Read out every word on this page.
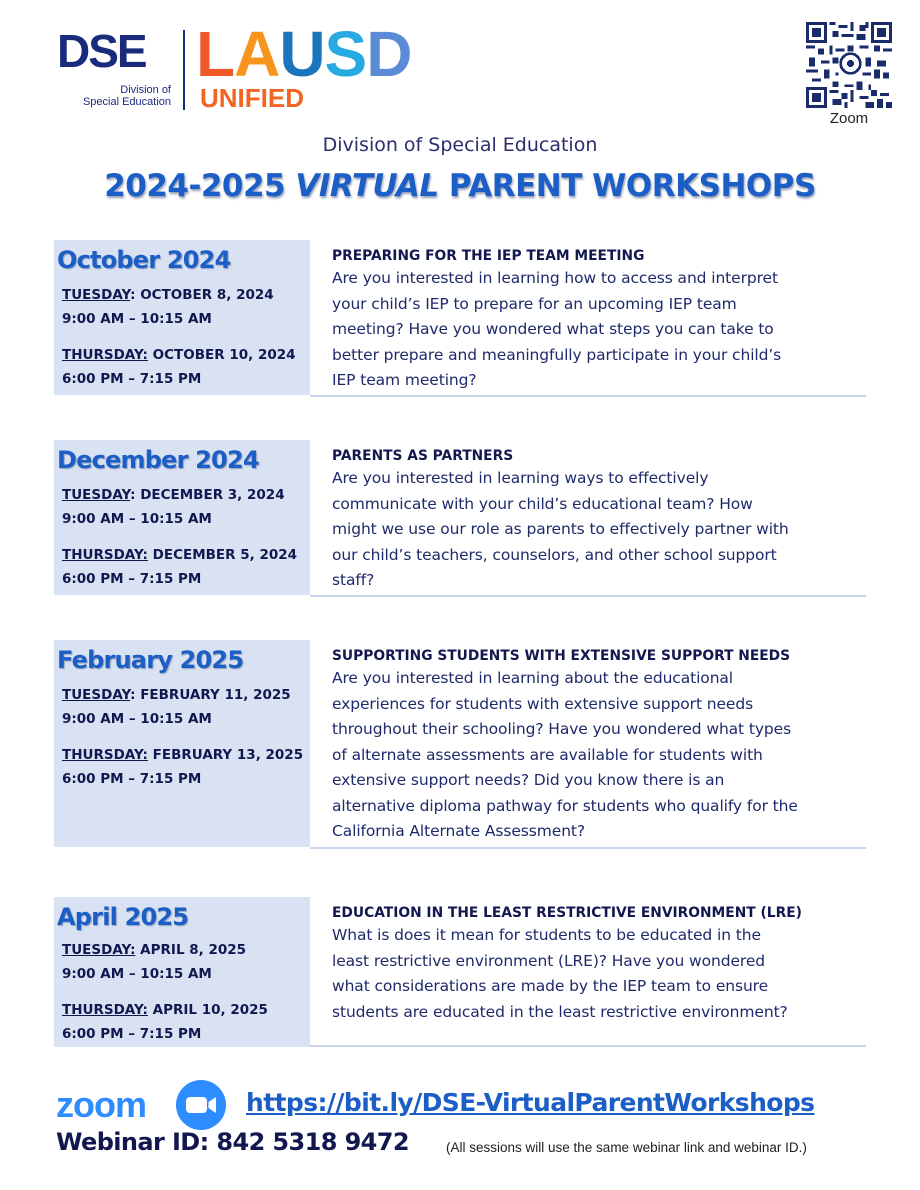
DSE
Division of
Special Education
LAUSD
UNIFIED
Zoom
Division of Special Education
2024-2025 VIRTUAL PARENT WORKSHOPS
October 2024
TUESDAY: OCTOBER 8, 2024
9:00 AM – 10:15 AM
THURSDAY: OCTOBER 10, 2024
6:00 PM – 7:15 PM
PREPARING FOR THE IEP TEAM MEETING
Are you interested in learning how to access and interpret
your child’s IEP to prepare for an upcoming IEP team
meeting? Have you wondered what steps you can take to
better prepare and meaningfully participate in your child’s
IEP team meeting?
December 2024
TUESDAY: DECEMBER 3, 2024
9:00 AM – 10:15 AM
THURSDAY: DECEMBER 5, 2024
6:00 PM – 7:15 PM
PARENTS AS PARTNERS
Are you interested in learning ways to effectively
communicate with your child’s educational team? How
might we use our role as parents to effectively partner with
our child’s teachers, counselors, and other school support
staff?
February 2025
TUESDAY: FEBRUARY 11, 2025
9:00 AM – 10:15 AM
THURSDAY: FEBRUARY 13, 2025
6:00 PM – 7:15 PM
SUPPORTING STUDENTS WITH EXTENSIVE SUPPORT NEEDS
Are you interested in learning about the educational
experiences for students with extensive support needs
throughout their schooling? Have you wondered what types
of alternate assessments are available for students with
extensive support needs? Did you know there is an
alternative diploma pathway for students who qualify for the
California Alternate Assessment?
April 2025
TUESDAY: APRIL 8, 2025
9:00 AM – 10:15 AM
THURSDAY: APRIL 10, 2025
6:00 PM – 7:15 PM
EDUCATION IN THE LEAST RESTRICTIVE ENVIRONMENT (LRE)
What is does it mean for students to be educated in the
least restrictive environment (LRE)? Have you wondered
what considerations are made by the IEP team to ensure
students are educated in the least restrictive environment?
zoom	https://bit.ly/DSE-VirtualParentWorkshops
Webinar ID: 842 5318 9472	(All sessions will use the same webinar link and webinar ID.)
